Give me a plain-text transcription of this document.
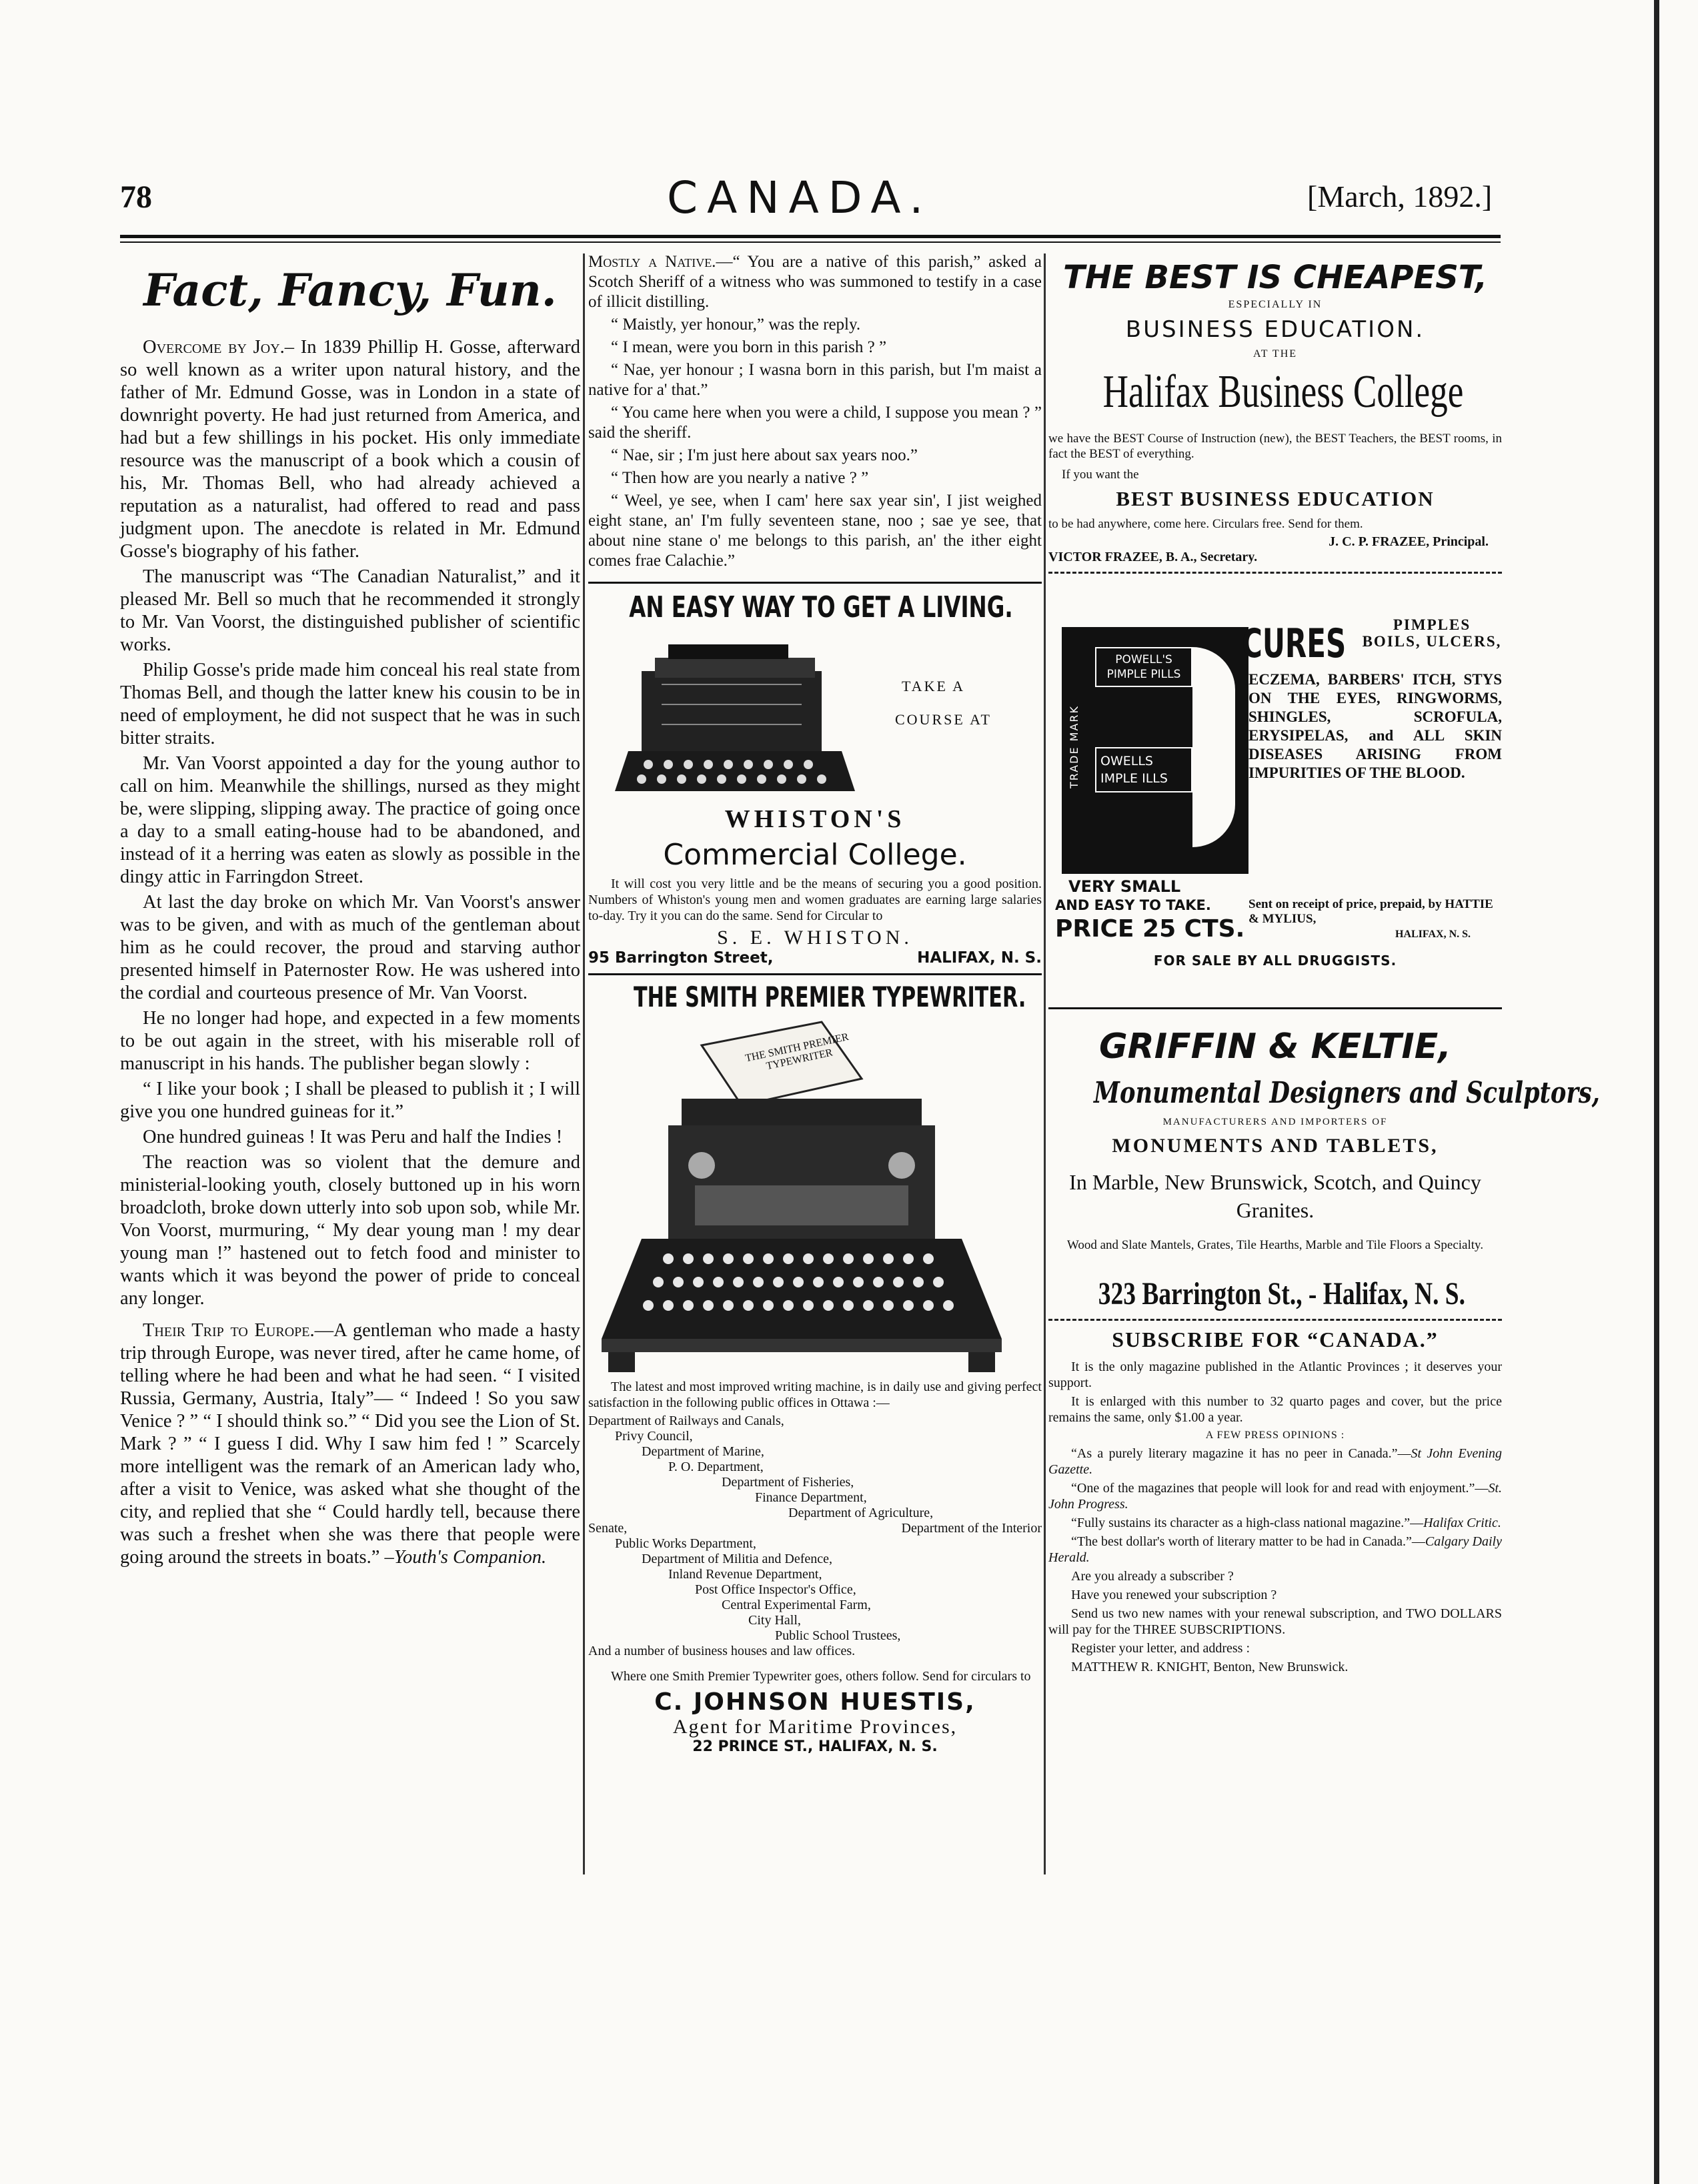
78	CANADA.	[March, 1892.]
Fact, Fancy, Fun.

Overcome by Joy.– In 1839 Phillip H. Gosse, afterward so well known as a writer upon natural history, and the father of Mr. Edmund Gosse, was in London in a state of downright poverty. He had just returned from America, and had but a few shillings in his pocket. His only immediate resource was the manuscript of a book which a cousin of his, Mr. Thomas Bell, who had already achieved a reputation as a naturalist, had offered to read and pass judgment upon. The anecdote is related in Mr. Edmund Gosse's biography of his father.

The manuscript was “The Canadian Naturalist,” and it pleased Mr. Bell so much that he recommended it strongly to Mr. Van Voorst, the distinguished publisher of scientific works.

Philip Gosse's pride made him conceal his real state from Thomas Bell, and though the latter knew his cousin to be in need of employment, he did not suspect that he was in such bitter straits.

Mr. Van Voorst appointed a day for the young author to call on him. Meanwhile the shillings, nursed as they might be, were slipping, slipping away. The practice of going once a day to a small eating-house had to be abandoned, and instead of it a herring was eaten as slowly as possible in the dingy attic in Farringdon Street.

At last the day broke on which Mr. Van Voorst's answer was to be given, and with as much of the gentleman about him as he could recover, the proud and starving author presented himself in Paternoster Row. He was ushered into the cordial and courteous presence of Mr. Van Voorst.

He no longer had hope, and expected in a few moments to be out again in the street, with his miserable roll of manuscript in his hands. The publisher began slowly :

“ I like your book ; I shall be pleased to publish it ; I will give you one hundred guineas for it.”

One hundred guineas ! It was Peru and half the Indies !

The reaction was so violent that the demure and ministerial-looking youth, closely buttoned up in his worn broadcloth, broke down utterly into sob upon sob, while Mr. Von Voorst, murmuring, “ My dear young man ! my dear young man !” hastened out to fetch food and minister to wants which it was beyond the power of pride to conceal any longer.

Their Trip to Europe.—A gentleman who made a hasty trip through Europe, was never tired, after he came home, of telling where he had been and what he had seen. “ I visited Russia, Germany, Austria, Italy”— “ Indeed ! So you saw Venice ? ” “ I should think so.” “ Did you see the Lion of St. Mark ? ” “ I guess I did. Why I saw him fed ! ” Scarcely more intelligent was the remark of an American lady who, after a visit to Venice, was asked what she thought of the city, and replied that she “ Could hardly tell, because there was such a freshet when she was there that people were going around the streets in boats.” –Youth's Companion.

Mostly a Native.—“ You are a native of this parish,” asked a Scotch Sheriff of a witness who was summoned to testify in a case of illicit distilling.

“ Maistly, yer honour,” was the reply.

“ I mean, were you born in this parish ? ”

“ Nae, yer honour ; I wasna born in this parish, but I'm maist a native for a' that.”

“ You came here when you were a child, I suppose you mean ? ” said the sheriff.

“ Nae, sir ; I'm just here about sax years noo.”

“ Then how are you nearly a native ? ”

“ Weel, ye see, when I cam' here sax year sin', I jist weighed eight stane, an' I'm fully seventeen stane, noo ; sae ye see, that about nine stane o' me belongs to this parish, an' the ither eight comes frae Calachie.”

AN EASY WAY TO GET A LIVING.
TAKE A
COURSE AT
WHISTON'S
Commercial College.

It will cost you very little and be the means of securing you a good position. Numbers of Whiston's young men and women graduates are earning large salaries to-day. Try it you can do the same. Send for Circular to

S. E. WHISTON.
95 Barrington Street,	HALIFAX, N. S.
THE SMITH PREMIER TYPEWRITER.
THE SMITH PREMIER TYPEWRITER

The latest and most improved writing machine, is in daily use and giving perfect satisfaction in the following public offices in Ottawa :—

Department of Railways and Canals,
Privy Council,
Department of Marine,
P. O. Department,
Department of Fisheries,
Finance Department,
Department of Agriculture,
Senate,	Department of the Interior
Public Works Department,
Department of Militia and Defence,
Inland Revenue Department,
Post Office Inspector's Office,
Central Experimental Farm,
City Hall,
Public School Trustees,
And a number of business houses and law offices.

Where one Smith Premier Typewriter goes, others follow. Send for circulars to

C. JOHNSON HUESTIS,
Agent for Maritime Provinces,
22 PRINCE ST., HALIFAX, N. S.
THE BEST IS CHEAPEST,
ESPECIALLY IN
BUSINESS EDUCATION.
AT THE
Halifax Business College

we have the BEST Course of Instruction (new), the BEST Teachers, the BEST rooms, in fact the BEST of everything.

If you want the

BEST BUSINESS EDUCATION

to be had anywhere, come here. Circulars free. Send for them.

J. C. P. FRAZEE, Principal.
VICTOR FRAZEE, B. A., Secretary.
TRADE MARK
POWELL'S PIMPLE PILLS
OWELLS IMPLE ILLS
CURES	PIMPLES BOILS, ULCERS,
ECZEMA, BARBERS' ITCH, STYS ON THE EYES, RINGWORMS, SHINGLES, SCROFULA, ERYSIPELAS, and ALL SKIN DISEASES ARISING FROM IMPURITIES OF THE BLOOD.
VERY SMALL
AND EASY TO TAKE.	Sent on receipt of price, prepaid, by HATTIE & MYLIUS,
HALIFAX, N. S.
PRICE 25 CTS.
FOR SALE BY ALL DRUGGISTS.
GRIFFIN & KELTIE,
Monumental Designers and Sculptors,
MANUFACTURERS AND IMPORTERS OF
MONUMENTS AND TABLETS,
In Marble, New Brunswick, Scotch, and Quincy Granites.
Wood and Slate Mantels, Grates, Tile Hearths, Marble and Tile Floors a Specialty.
323 Barrington St., - Halifax, N. S.
SUBSCRIBE FOR “CANADA.”

It is the only magazine published in the Atlantic Provinces ; it deserves your support.

It is enlarged with this number to 32 quarto pages and cover, but the price remains the same, only $1.00 a year.

A FEW PRESS OPINIONS :

“As a purely literary magazine it has no peer in Canada.”—St John Evening Gazette.

“One of the magazines that people will look for and read with enjoyment.”—St. John Progress.

“Fully sustains its character as a high-class national magazine.”—Halifax Critic.

“The best dollar's worth of literary matter to be had in Canada.”—Calgary Daily Herald.

Are you already a subscriber ?

Have you renewed your subscription ?

Send us two new names with your renewal subscription, and TWO DOLLARS will pay for the THREE SUBSCRIPTIONS.

Register your letter, and address :

MATTHEW R. KNIGHT, Benton, New Brunswick.
